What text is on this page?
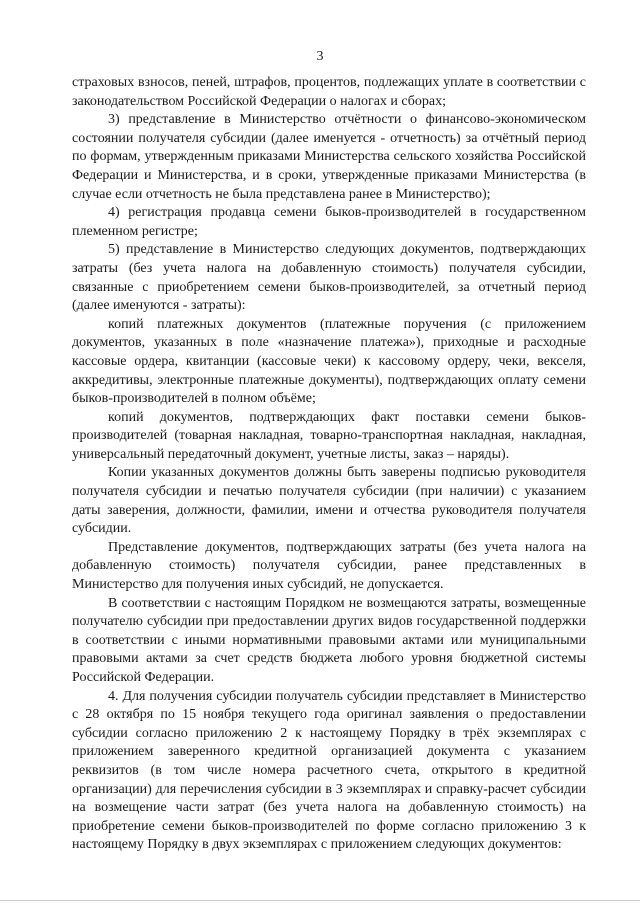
3

страховых взносов, пеней, штрафов, процентов, подлежащих уплате в соответствии с законодательством Российской Федерации о налогах и сборах;

3) представление в Министерство отчётности о финансово-экономическом состоянии получателя субсидии (далее именуется - отчетность) за отчётный период по формам, утвержденным приказами Министерства сельского хозяйства Российской Федерации и Министерства, и в сроки, утвержденные приказами Министерства (в случае если отчетность не была представлена ранее в Министерство);

4) регистрация продавца семени быков-производителей в государственном племенном регистре;

5) представление в Министерство следующих документов, подтверждающих затраты (без учета налога на добавленную стоимость) получателя субсидии, связанные с приобретением семени быков-производителей, за отчетный период (далее именуются - затраты):

копий платежных документов (платежные поручения (с приложением документов, указанных в поле «назначение платежа»), приходные и расходные кассовые ордера, квитанции (кассовые чеки) к кассовому ордеру, чеки, векселя, аккредитивы, электронные платежные документы), подтверждающих оплату семени быков-производителей в полном объёме;

копий документов, подтверждающих факт поставки семени быков-производителей (товарная накладная, товарно-транспортная накладная, накладная, универсальный передаточный документ, учетные листы, заказ – наряды).

Копии указанных документов должны быть заверены подписью руководителя получателя субсидии и печатью получателя субсидии (при наличии) с указанием даты заверения, должности, фамилии, имени и отчества руководителя получателя субсидии.

Представление документов, подтверждающих затраты (без учета налога на добавленную стоимость) получателя субсидии, ранее представленных в Министерство для получения иных субсидий, не допускается.

В соответствии с настоящим Порядком не возмещаются затраты, возмещенные получателю субсидии при предоставлении других видов государственной поддержки в соответствии с иными нормативными правовыми актами или муниципальными правовыми актами за счет средств бюджета любого уровня бюджетной системы Российской Федерации.

4. Для получения субсидии получатель субсидии представляет в Министерство с 28 октября по 15 ноября текущего года оригинал заявления о предоставлении субсидии согласно приложению 2 к настоящему Порядку в трёх экземплярах с приложением заверенного кредитной организацией документа с указанием реквизитов (в том числе номера расчетного счета, открытого в кредитной организации) для перечисления субсидии в 3 экземплярах и справку-расчет субсидии на возмещение части затрат (без учета налога на добавленную стоимость) на приобретение семени быков-производителей по форме согласно приложению 3 к настоящему Порядку в двух экземплярах с приложением следующих документов:
